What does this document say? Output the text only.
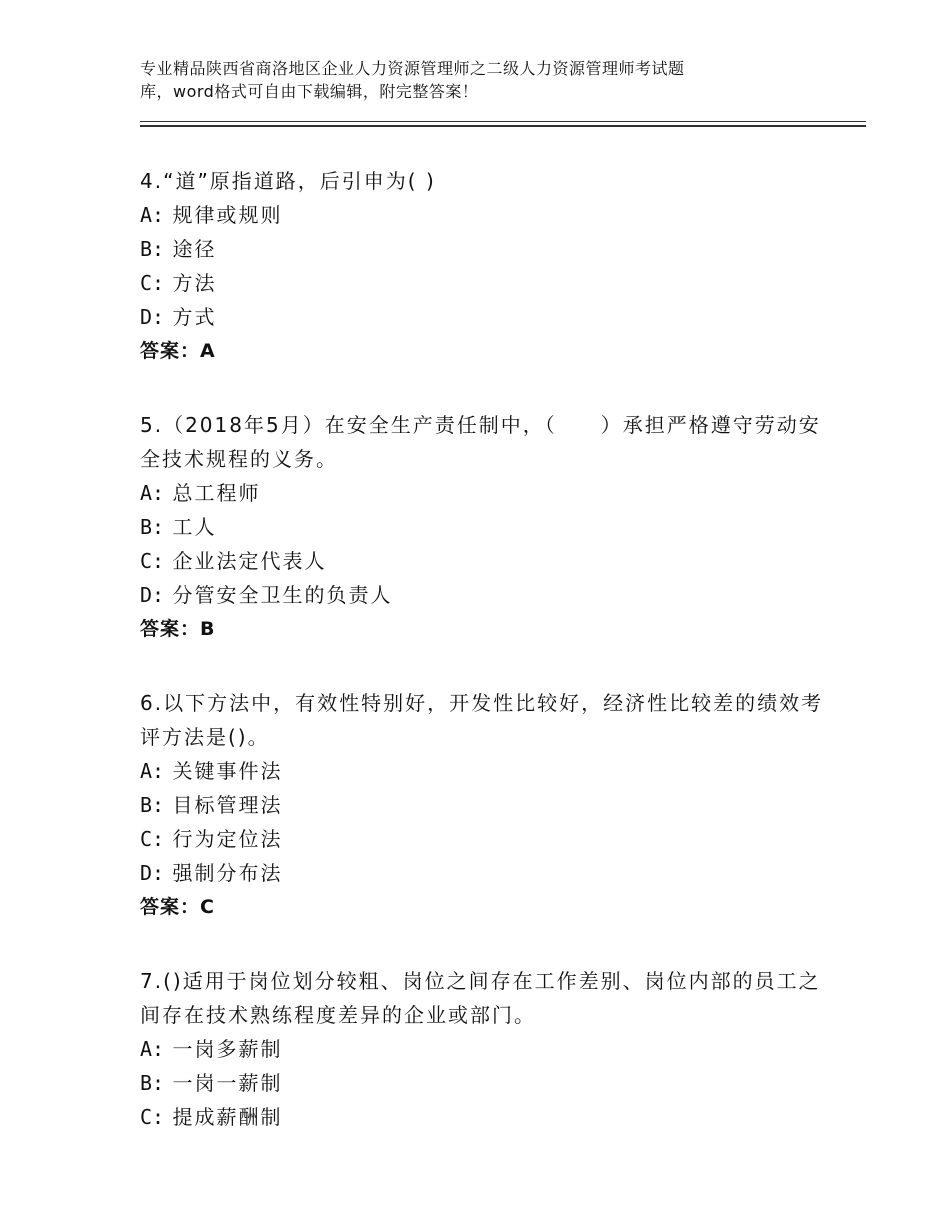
专业精品陕西省商洛地区企业人力资源管理师之二级人力资源管理师考试题
库，word格式可自由下载编辑，附完整答案！

4.“道”原指道路，后引申为( )

A: 规律或规则

B: 途径

C: 方法

D: 方式

答案：A

5.（2018年5月）在安全生产责任制中，（　　）承担严格遵守劳动安全技术规程的义务。

A: 总工程师

B: 工人

C: 企业法定代表人

D: 分管安全卫生的负责人

答案：B

6.以下方法中，有效性特别好，开发性比较好，经济性比较差的绩效考评方法是()。

A: 关键事件法

B: 目标管理法

C: 行为定位法

D: 强制分布法

答案：C

7.()适用于岗位划分较粗、岗位之间存在工作差别、岗位内部的员工之间存在技术熟练程度差异的企业或部门。

A: 一岗多薪制

B: 一岗一薪制

C: 提成薪酬制
